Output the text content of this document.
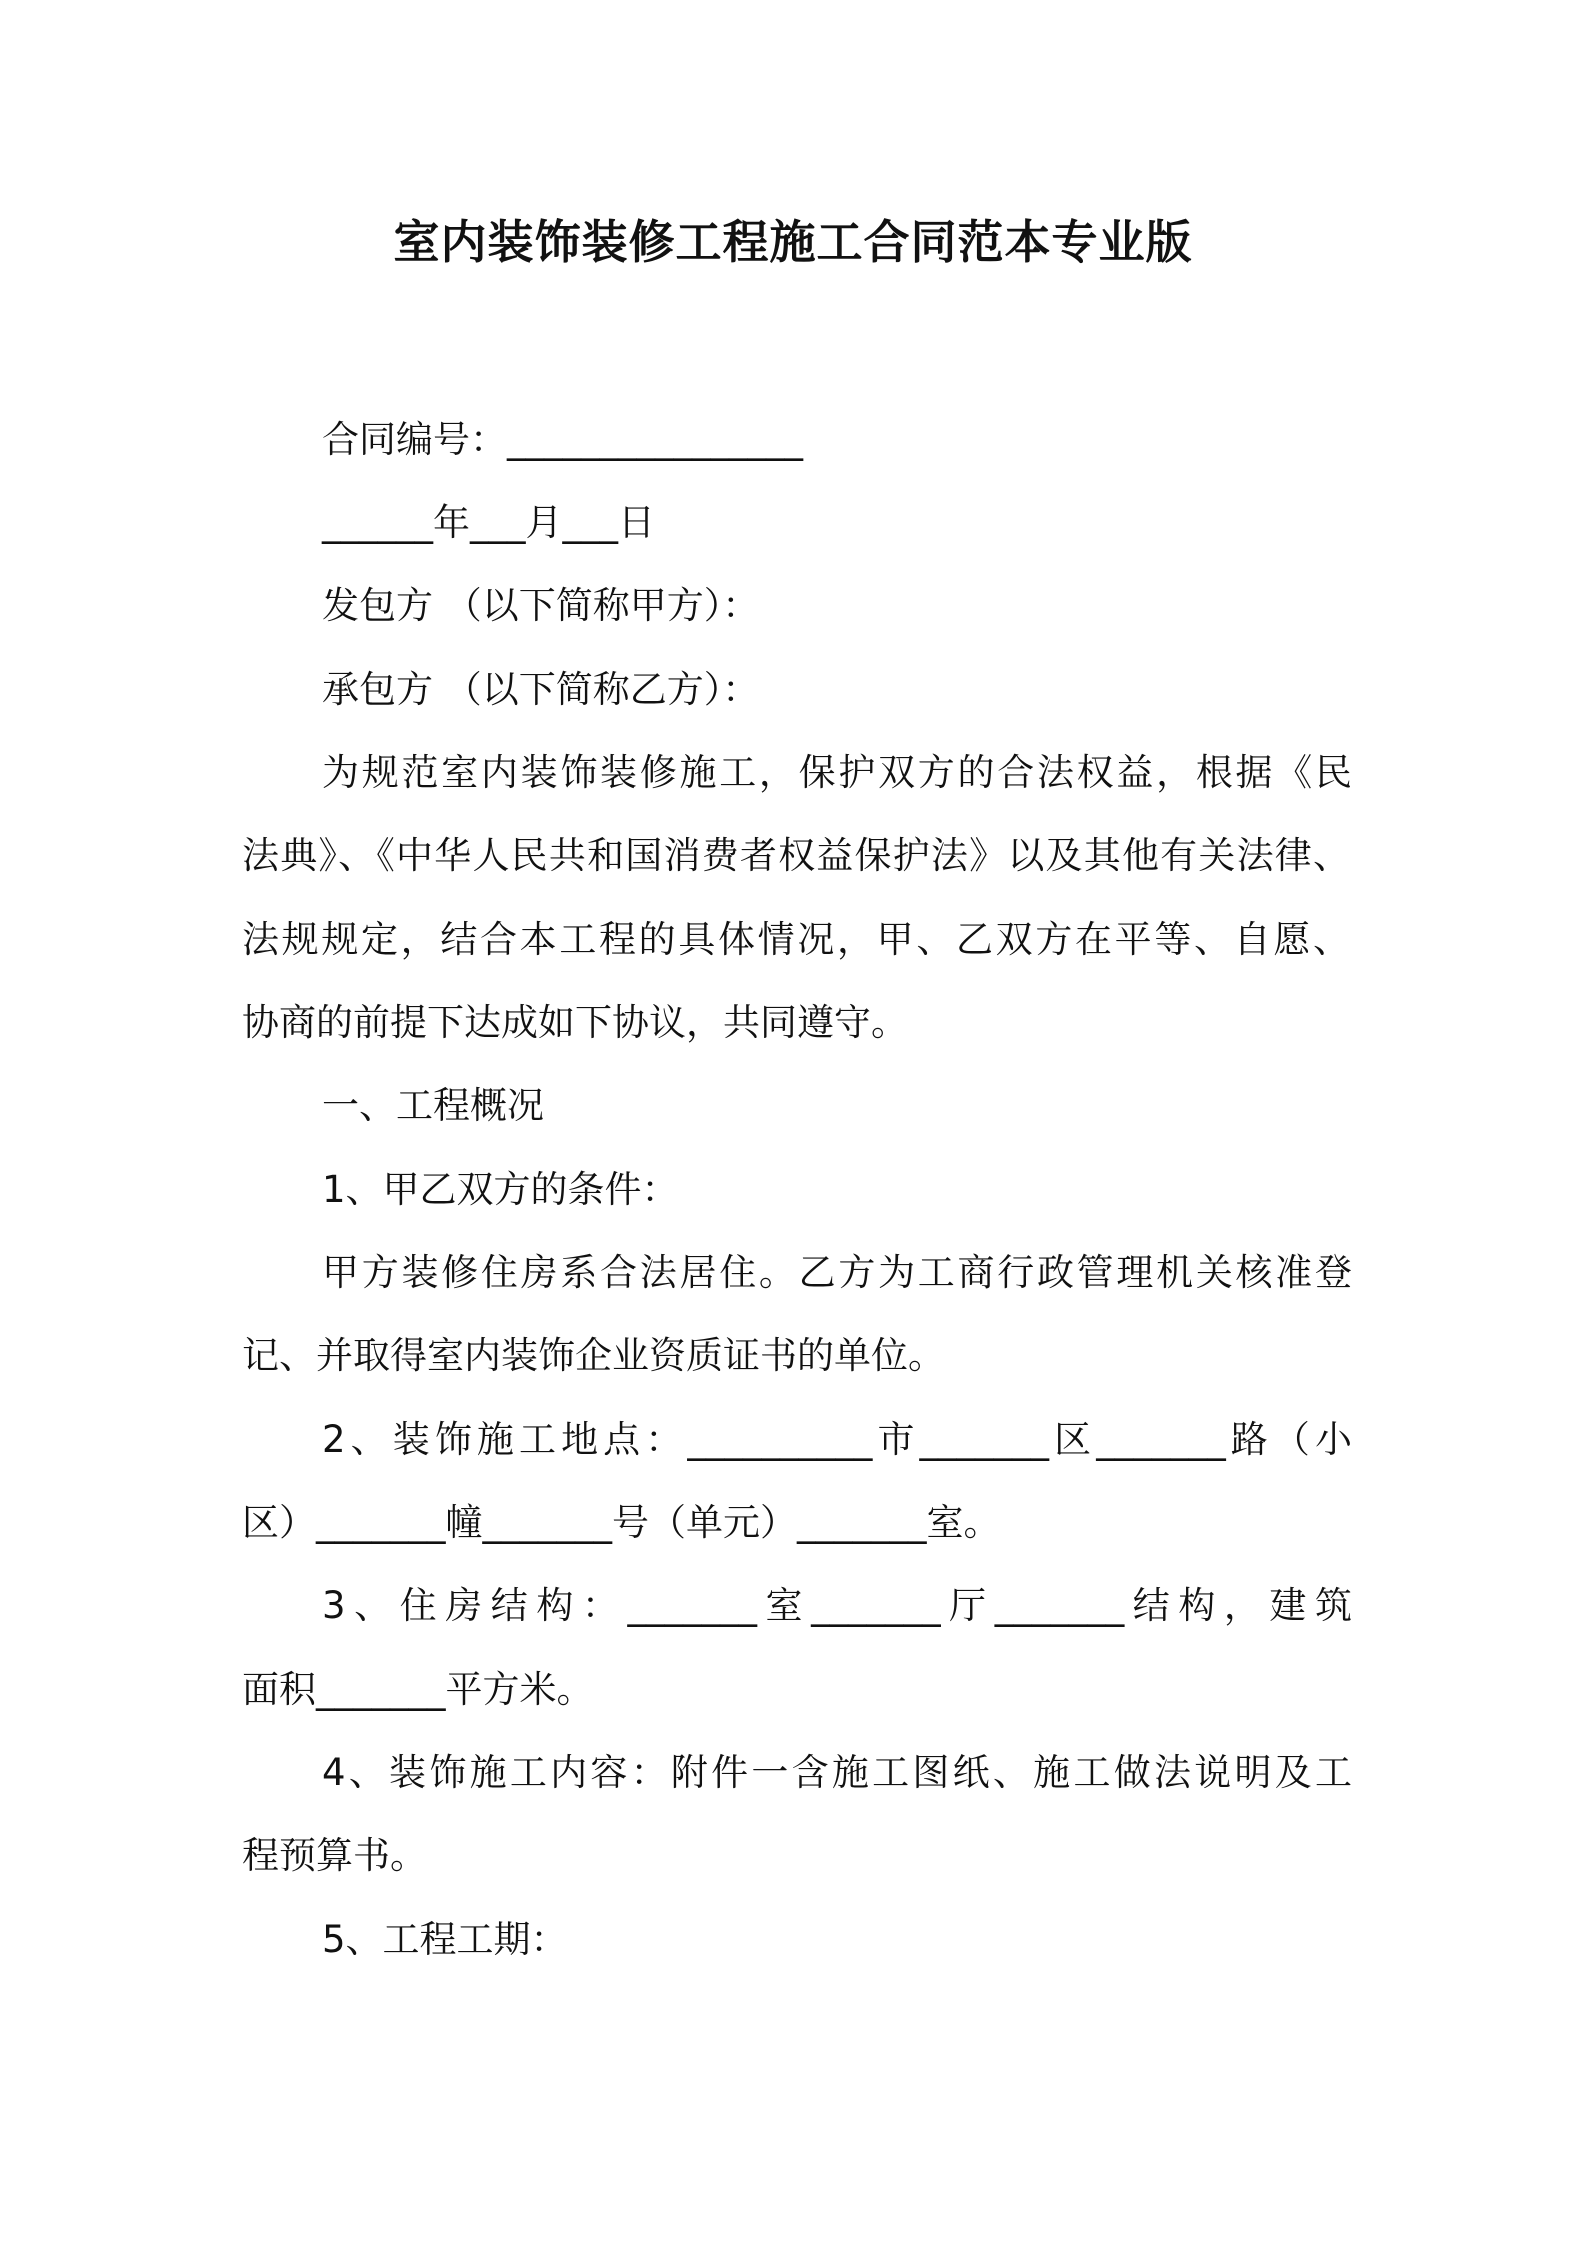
室内装饰装修工程施工合同范本专业版

合同编号：________________

______年___月___日

发包方 （以下简称甲方）：

承包方 （以下简称乙方）：

为规范室内装饰装修施工，保护双方的合法权益，根据《民

法典》、《中华人民共和国消费者权益保护法》以及其他有关法律、

法规规定，结合本工程的具体情况，甲、乙双方在平等、自愿、

协商的前提下达成如下协议，共同遵守。

一、工程概况

1、甲乙双方的条件：

甲方装修住房系合法居住。乙方为工商行政管理机关核准登

记、并取得室内装饰企业资质证书的单位。

2、装饰施工地点：__________市_______区_______路（小

区）_______幢_______号（单元）_______室。

3、住房结构：_______室_______厅_______结构，建筑

面积_______平方米。

4、装饰施工内容：附件一含施工图纸、施工做法说明及工

程预算书。

5、工程工期：
